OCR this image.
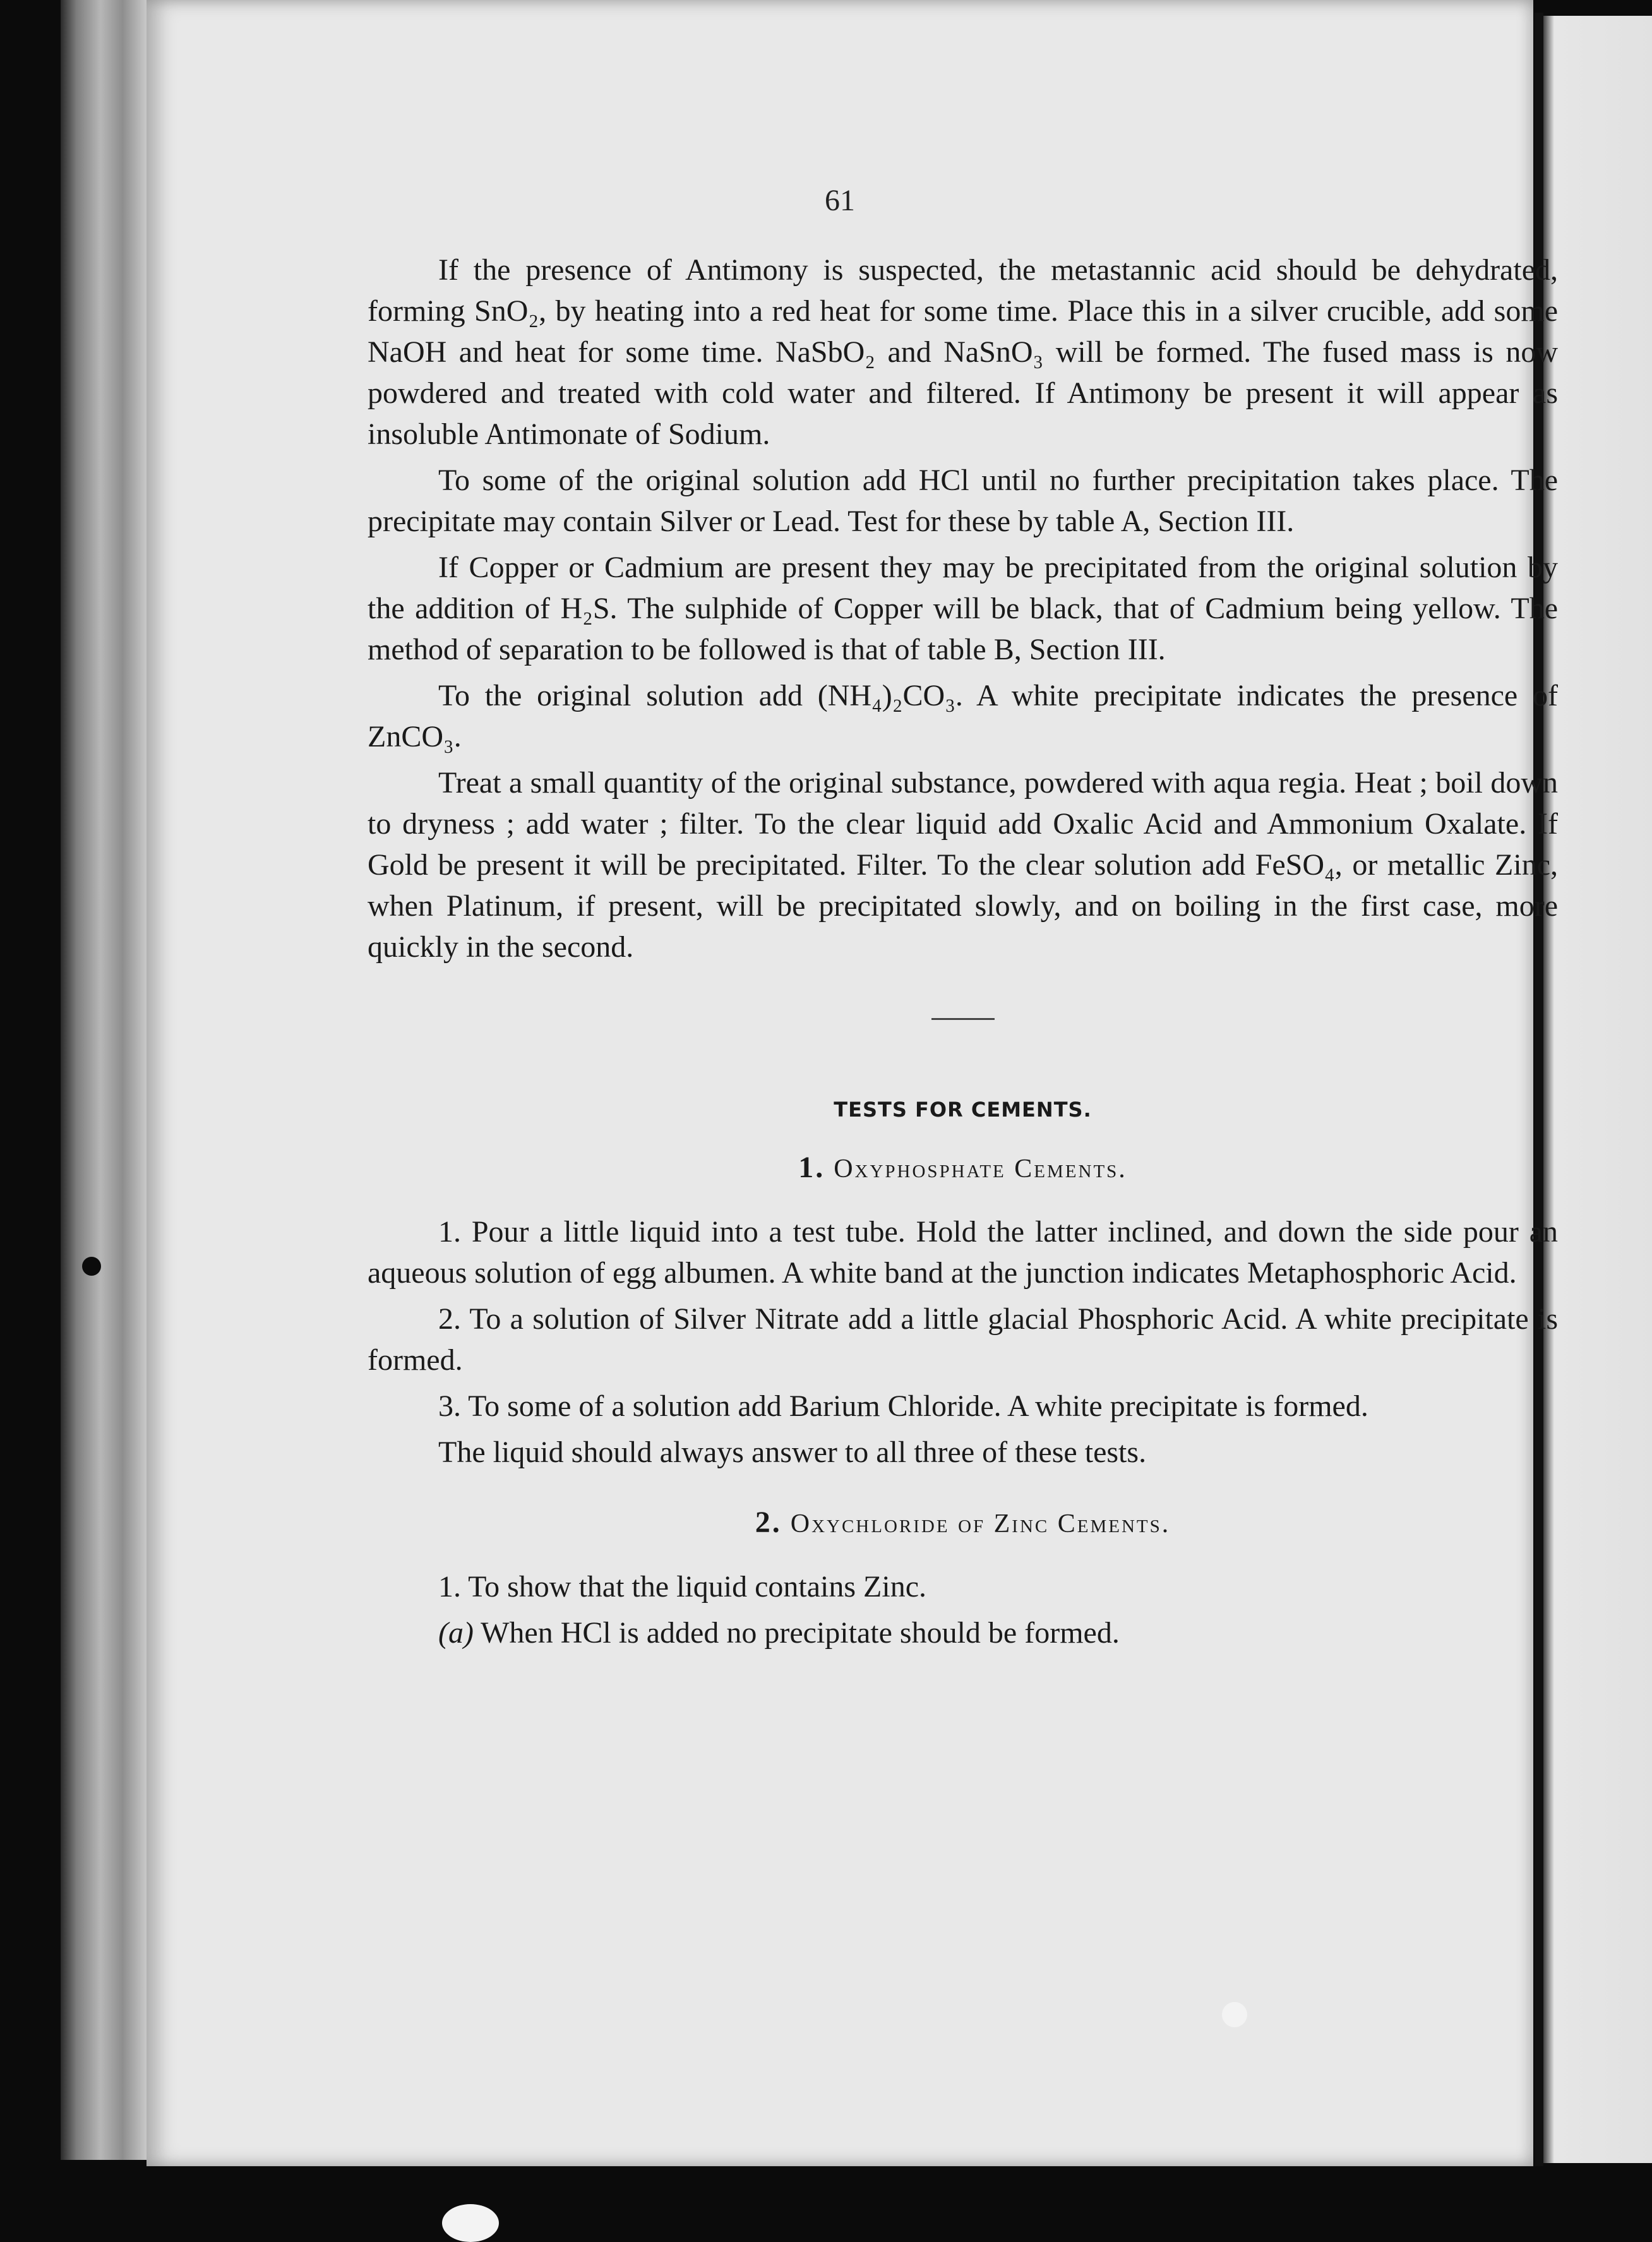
61

If the presence of Antimony is suspected, the metastannic acid should be dehydrated, forming SnO₂, by heating into a red heat for some time. Place this in a silver crucible, add some NaOH and heat for some time. NaSbO₂ and NaSnO₃ will be formed. The fused mass is now powdered and treated with cold water and filtered. If Antimony be present it will appear as insoluble Antimonate of Sodium.

To some of the original solution add HCl until no further precipitation takes place. The precipitate may contain Silver or Lead. Test for these by table A, Section III.

If Copper or Cadmium are present they may be precipitated from the original solution by the addition of H₂S. The sulphide of Copper will be black, that of Cadmium being yellow. The method of separation to be followed is that of table B, Section III.

To the original solution add (NH₄)₂CO₃. A white precipitate indicates the presence of ZnCO₃.

Treat a small quantity of the original substance, powdered with aqua regia. Heat ; boil down to dryness ; add water ; filter. To the clear liquid add Oxalic Acid and Ammonium Oxalate. If Gold be present it will be precipitated. Filter. To the clear solution add FeSO₄, or metallic Zinc, when Platinum, if present, will be precipitated slowly, and on boiling in the first case, more quickly in the second.

TESTS FOR CEMENTS.
1. Oxyphosphate Cements.

1. Pour a little liquid into a test tube. Hold the latter inclined, and down the side pour an aqueous solution of egg albumen. A white band at the junction indicates Metaphosphoric Acid.

2. To a solution of Silver Nitrate add a little glacial Phosphoric Acid. A white precipitate is formed.

3. To some of a solution add Barium Chloride. A white precipitate is formed.

The liquid should always answer to all three of these tests.

2. Oxychloride of Zinc Cements.

1. To show that the liquid contains Zinc.

(a) When HCl is added no precipitate should be formed.
